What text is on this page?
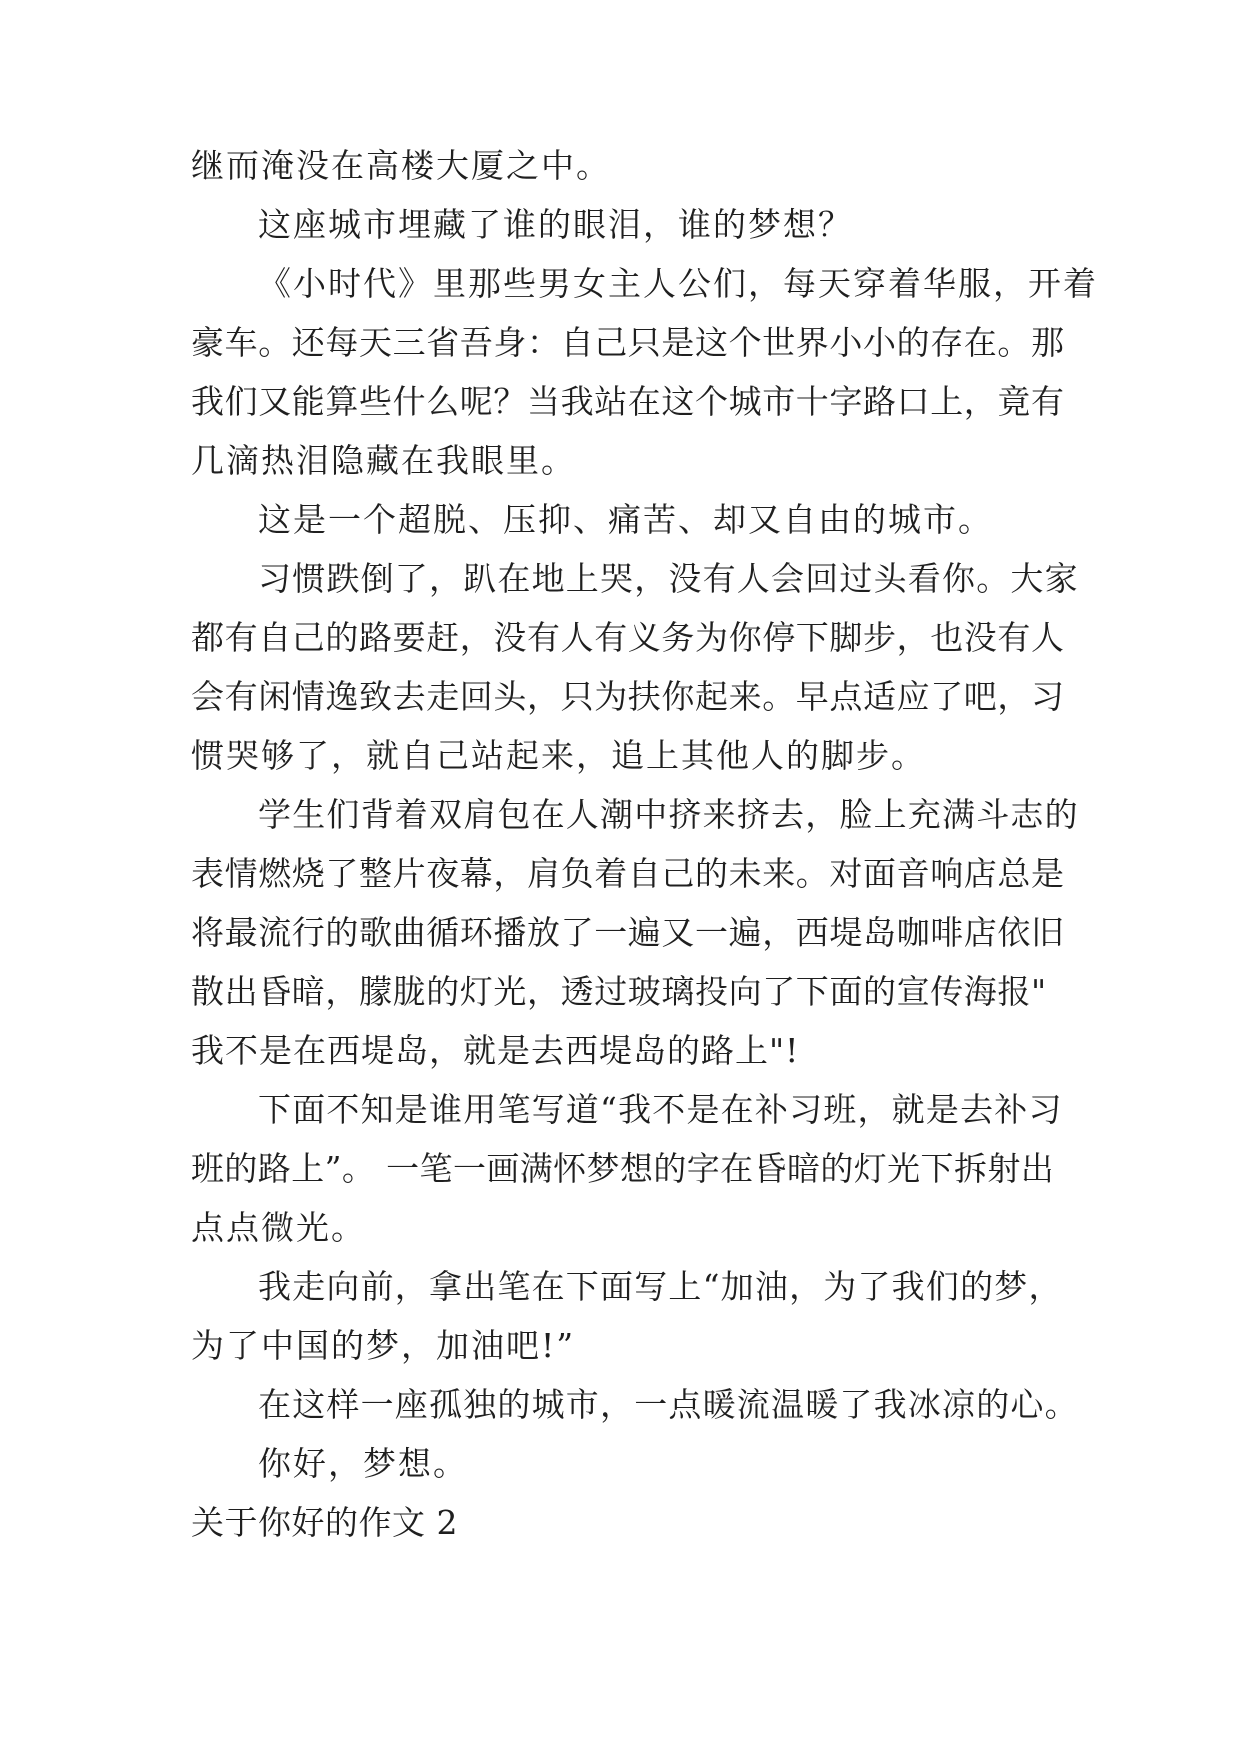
继而淹没在高楼大厦之中。
这座城市埋藏了谁的眼泪，谁的梦想？
《小时代》里那些男女主人公们，每天穿着华服，开着
豪车。还每天三省吾身：自己只是这个世界小小的存在。那
我们又能算些什么呢？当我站在这个城市十字路口上，竟有
几滴热泪隐藏在我眼里。
这是一个超脱、压抑、痛苦、却又自由的城市。
习惯跌倒了，趴在地上哭，没有人会回过头看你。大家
都有自己的路要赶，没有人有义务为你停下脚步，也没有人
会有闲情逸致去走回头，只为扶你起来。早点适应了吧，习
惯哭够了，就自己站起来，追上其他人的脚步。
学生们背着双肩包在人潮中挤来挤去，脸上充满斗志的
表情燃烧了整片夜幕，肩负着自己的未来。对面音响店总是
将最流行的歌曲循环播放了一遍又一遍，西堤岛咖啡店依旧
散出昏暗，朦胧的灯光，透过玻璃投向了下面的宣传海报"
我不是在西堤岛，就是去西堤岛的路上"!
下面不知是谁用笔写道“我不是在补习班，就是去补习
班的路上”。 一笔一画满怀梦想的字在昏暗的灯光下拆射出
点点微光。
我走向前，拿出笔在下面写上“加油，为了我们的梦，
为了中国的梦，加油吧!”
在这样一座孤独的城市，一点暖流温暖了我冰凉的心。
你好，梦想。
关于你好的作文 2
